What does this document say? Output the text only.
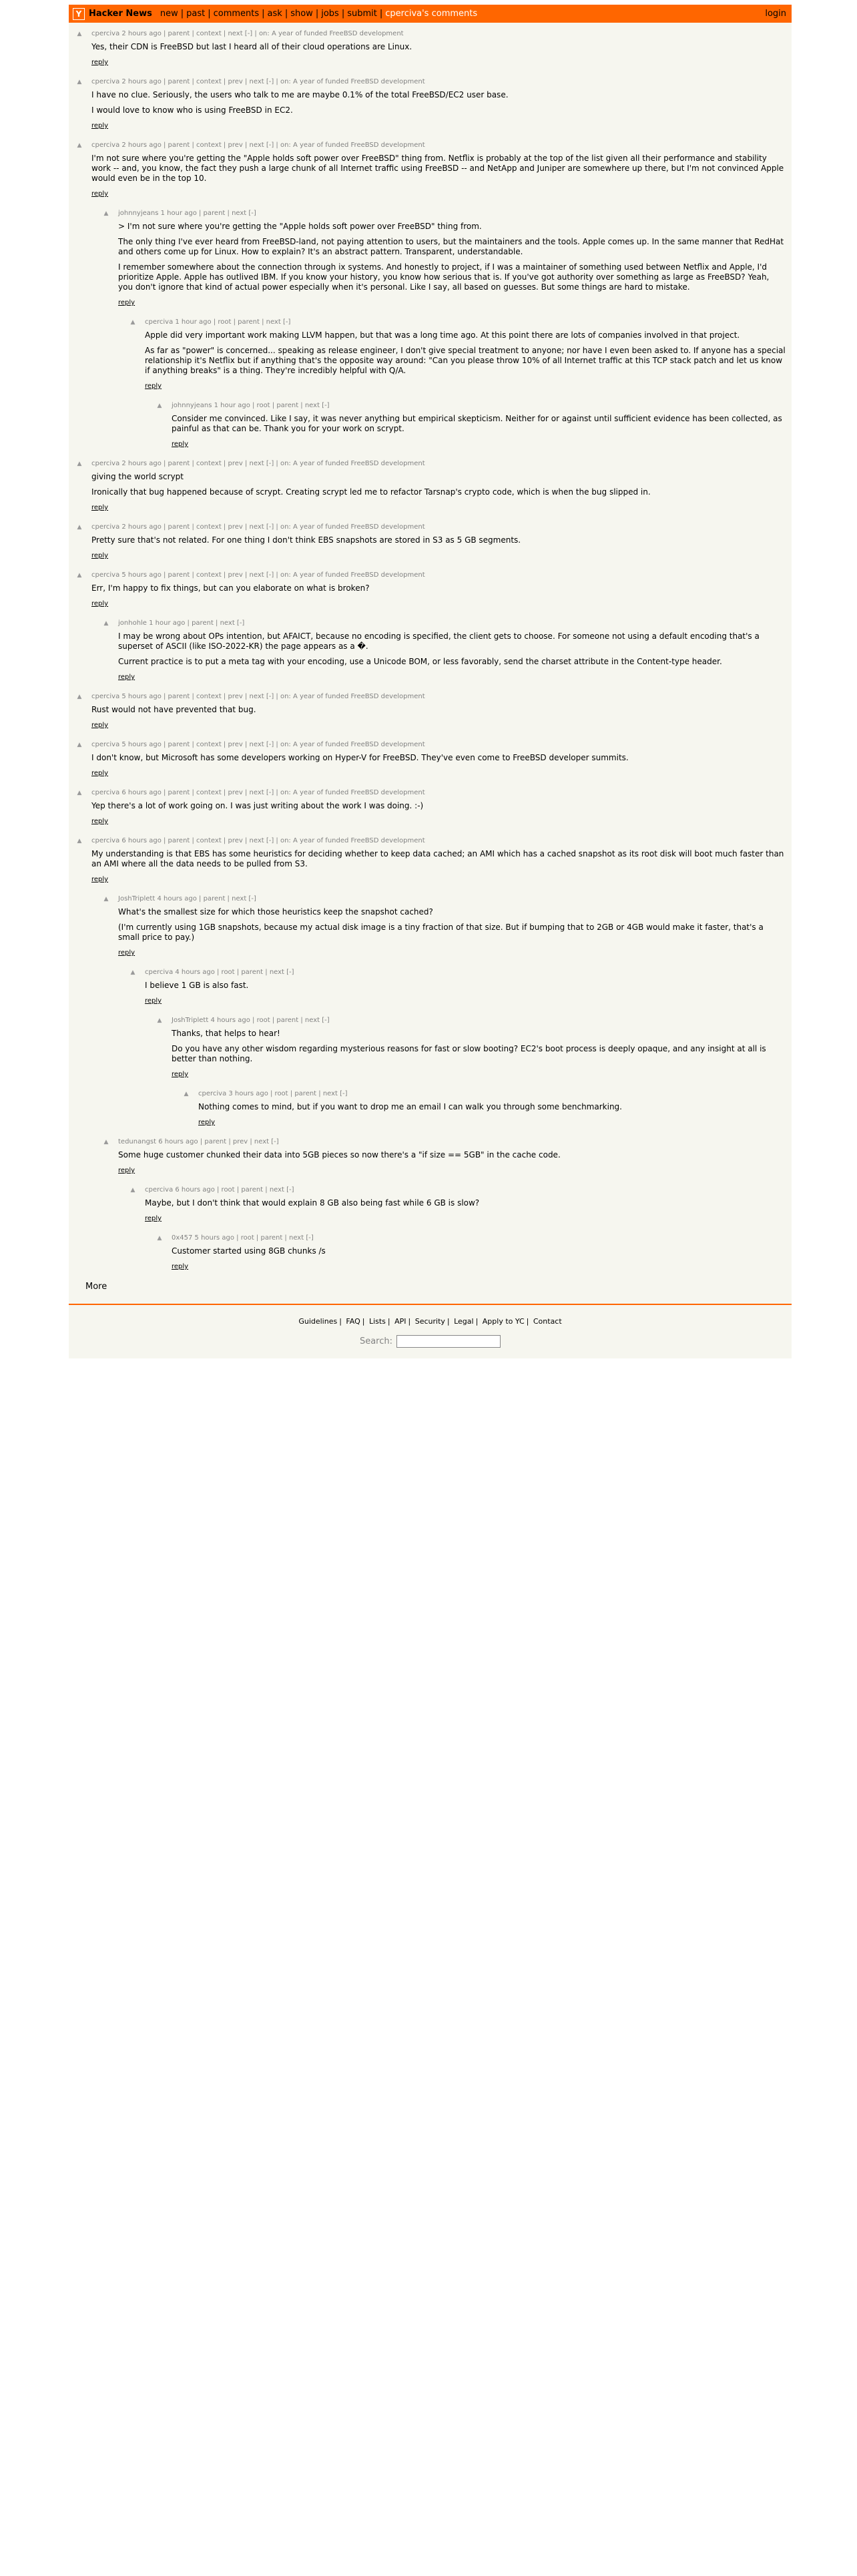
Y Hacker News new | past | comments | ask | show | jobs | submit | cperciva's comments	login
▲ cperciva 2 hours ago | parent | context | next [-] | on: A year of funded FreeBSD development

Yes, their CDN is FreeBSD but last I heard all of their cloud operations are Linux.

reply
▲ cperciva 2 hours ago | parent | context | prev | next [-] | on: A year of funded FreeBSD development

I have no clue. Seriously, the users who talk to me are maybe 0.1% of the total FreeBSD/EC2 user base.

I would love to know who is using FreeBSD in EC2.

reply
▲ cperciva 2 hours ago | parent | context | prev | next [-] | on: A year of funded FreeBSD development

I'm not sure where you're getting the "Apple holds soft power over FreeBSD" thing from. Netflix is probably at the top of the list given all their performance and stability work -- and, you know, the fact they push a large chunk of all Internet traffic using FreeBSD -- and NetApp and Juniper are somewhere up there, but I'm not convinced Apple would even be in the top 10.

reply
▲ johnnyjeans 1 hour ago | parent | next [-]

> I'm not sure where you're getting the "Apple holds soft power over FreeBSD" thing from.

The only thing I've ever heard from FreeBSD-land, not paying attention to users, but the maintainers and the tools. Apple comes up. In the same manner that RedHat and others come up for Linux. How to explain? It's an abstract pattern. Transparent, understandable.

I remember somewhere about the connection through ix systems. And honestly to project, if I was a maintainer of something used between Netflix and Apple, I'd prioritize Apple. Apple has outlived IBM. If you know your history, you know how serious that is. If you've got authority over something as large as FreeBSD? Yeah, you don't ignore that kind of actual power especially when it's personal. Like I say, all based on guesses. But some things are hard to mistake.

reply
▲ cperciva 1 hour ago | root | parent | next [-]

Apple did very important work making LLVM happen, but that was a long time ago. At this point there are lots of companies involved in that project.

As far as "power" is concerned... speaking as release engineer, I don't give special treatment to anyone; nor have I even been asked to. If anyone has a special relationship it's Netflix but if anything that's the opposite way around: "Can you please throw 10% of all Internet traffic at this TCP stack patch and let us know if anything breaks" is a thing. They're incredibly helpful with Q/A.

reply
▲ johnnyjeans 1 hour ago | root | parent | next [-]

Consider me convinced. Like I say, it was never anything but empirical skepticism. Neither for or against until sufficient evidence has been collected, as painful as that can be. Thank you for your work on scrypt.

reply
▲ cperciva 2 hours ago | parent | context | prev | next [-] | on: A year of funded FreeBSD development

giving the world scrypt

Ironically that bug happened because of scrypt. Creating scrypt led me to refactor Tarsnap's crypto code, which is when the bug slipped in.

reply
▲ cperciva 2 hours ago | parent | context | prev | next [-] | on: A year of funded FreeBSD development

Pretty sure that's not related. For one thing I don't think EBS snapshots are stored in S3 as 5 GB segments.

reply
▲ cperciva 5 hours ago | parent | context | prev | next [-] | on: A year of funded FreeBSD development

Err, I'm happy to fix things, but can you elaborate on what is broken?

reply
▲ jonhohle 1 hour ago | parent | next [-]

I may be wrong about OPs intention, but AFAICT, because no encoding is specified, the client gets to choose. For someone not using a default encoding that's a superset of ASCII (like ISO-2022-KR) the page appears as a �.

Current practice is to put a meta tag with your encoding, use a Unicode BOM, or less favorably, send the charset attribute in the Content-type header.

reply
▲ cperciva 5 hours ago | parent | context | prev | next [-] | on: A year of funded FreeBSD development

Rust would not have prevented that bug.

reply
▲ cperciva 5 hours ago | parent | context | prev | next [-] | on: A year of funded FreeBSD development

I don't know, but Microsoft has some developers working on Hyper-V for FreeBSD. They've even come to FreeBSD developer summits.

reply
▲ cperciva 6 hours ago | parent | context | prev | next [-] | on: A year of funded FreeBSD development

Yep there's a lot of work going on. I was just writing about the work I was doing. :-)

reply
▲ cperciva 6 hours ago | parent | context | prev | next [-] | on: A year of funded FreeBSD development

My understanding is that EBS has some heuristics for deciding whether to keep data cached; an AMI which has a cached snapshot as its root disk will boot much faster than an AMI where all the data needs to be pulled from S3.

reply
▲ JoshTriplett 4 hours ago | parent | next [-]

What's the smallest size for which those heuristics keep the snapshot cached?

(I'm currently using 1GB snapshots, because my actual disk image is a tiny fraction of that size. But if bumping that to 2GB or 4GB would make it faster, that's a small price to pay.)

reply
▲ cperciva 4 hours ago | root | parent | next [-]

I believe 1 GB is also fast.

reply
▲ JoshTriplett 4 hours ago | root | parent | next [-]

Thanks, that helps to hear!

Do you have any other wisdom regarding mysterious reasons for fast or slow booting? EC2's boot process is deeply opaque, and any insight at all is better than nothing.

reply
▲ cperciva 3 hours ago | root | parent | next [-]

Nothing comes to mind, but if you want to drop me an email I can walk you through some benchmarking.

reply
▲ tedunangst 6 hours ago | parent | prev | next [-]

Some huge customer chunked their data into 5GB pieces so now there's a "if size == 5GB" in the cache code.

reply
▲ cperciva 6 hours ago | root | parent | next [-]

Maybe, but I don't think that would explain 8 GB also being fast while 6 GB is slow?

reply
▲ 0x457 5 hours ago | root | parent | next [-]

Customer started using 8GB chunks /s

reply
More
Guidelines | FAQ | Lists | API | Security | Legal | Apply to YC | Contact
Search:
